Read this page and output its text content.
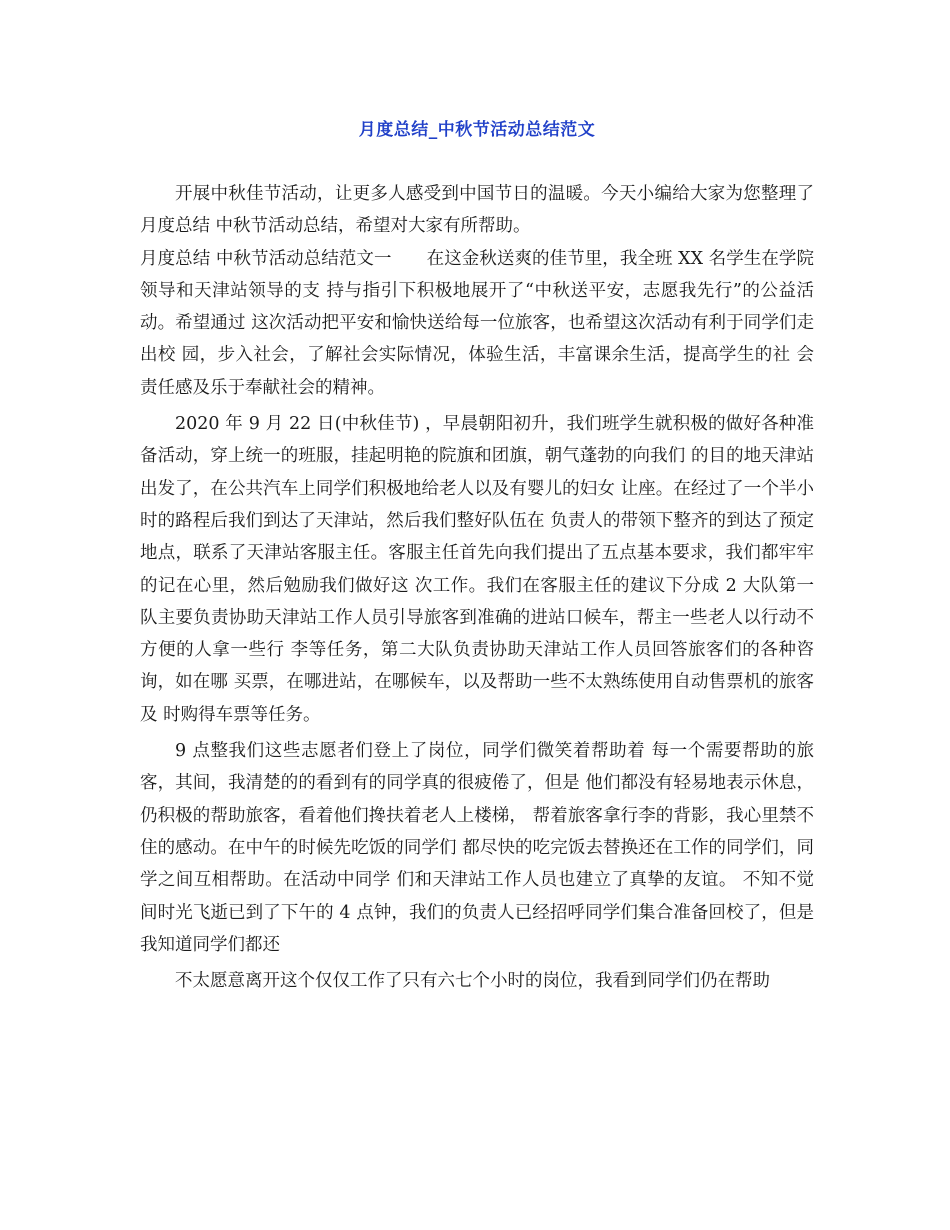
月度总结_中秋节活动总结范文

开展中秋佳节活动，让更多人感受到中国节日的温暖。今天小编给大家为您整理了月度总结 中秋节活动总结，希望对大家有所帮助。

月度总结 中秋节活动总结范文一　　在这金秋送爽的佳节里，我全班 XX 名学生在学院领导和天津站领导的支 持与指引下积极地展开了“中秋送平安，志愿我先行”的公益活动。希望通过 这次活动把平安和愉快送给每一位旅客，也希望这次活动有利于同学们走出校 园，步入社会，了解社会实际情况，体验生活，丰富课余生活，提高学生的社 会责任感及乐于奉献社会的精神。

2020 年 9 月 22 日(中秋佳节) ，早晨朝阳初升，我们班学生就积极的做好各种准备活动，穿上统一的班服，挂起明艳的院旗和团旗，朝气蓬勃的向我们 的目的地天津站出发了，在公共汽车上同学们积极地给老人以及有婴儿的妇女 让座。在经过了一个半小时的路程后我们到达了天津站，然后我们整好队伍在 负责人的带领下整齐的到达了预定地点，联系了天津站客服主任。客服主任首先向我们提出了五点基本要求，我们都牢牢的记在心里，然后勉励我们做好这 次工作。我们在客服主任的建议下分成 2 大队第一队主要负责协助天津站工作人员引导旅客到准确的进站口候车，帮主一些老人以行动不方便的人拿一些行 李等任务，第二大队负责协助天津站工作人员回答旅客们的各种咨询，如在哪 买票，在哪进站，在哪候车，以及帮助一些不太熟练使用自动售票机的旅客及 时购得车票等任务。

9 点整我们这些志愿者们登上了岗位，同学们微笑着帮助着 每一个需要帮助的旅客，其间，我清楚的的看到有的同学真的很疲倦了，但是 他们都没有轻易地表示休息，仍积极的帮助旅客，看着他们搀扶着老人上楼梯， 帮着旅客拿行李的背影，我心里禁不住的感动。在中午的时候先吃饭的同学们 都尽快的吃完饭去替换还在工作的同学们，同学之间互相帮助。在活动中同学 们和天津站工作人员也建立了真挚的友谊。 不知不觉间时光飞逝已到了下午的 4 点钟，我们的负责人已经招呼同学们集合准备回校了，但是我知道同学们都还

不太愿意离开这个仅仅工作了只有六七个小时的岗位，我看到同学们仍在帮助
